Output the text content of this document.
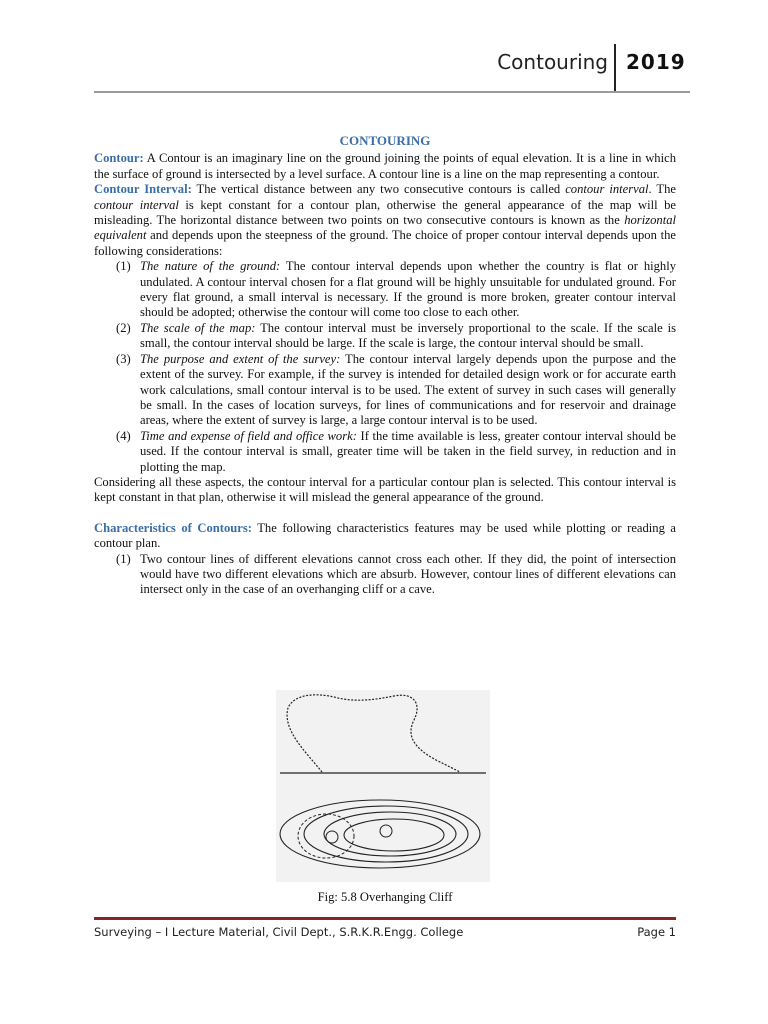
Contouring 2019
CONTOURING

Contour: A Contour is an imaginary line on the ground joining the points of equal elevation. It is a line in which the surface of ground is intersected by a level surface. A contour line is a line on the map representing a contour.

Contour Interval: The vertical distance between any two consecutive contours is called contour interval. The contour interval is kept constant for a contour plan, otherwise the general appearance of the map will be misleading. The horizontal distance between two points on two consecutive contours is known as the horizontal equivalent and depends upon the steepness of the ground. The choice of proper contour interval depends upon the following considerations:

(1) The nature of the ground: The contour interval depends upon whether the country is flat or highly undulated. A contour interval chosen for a flat ground will be highly unsuitable for undulated ground. For every flat ground, a small interval is necessary. If the ground is more broken, greater contour interval should be adopted; otherwise the contour will come too close to each other.
(2) The scale of the map: The contour interval must be inversely proportional to the scale. If the scale is small, the contour interval should be large. If the scale is large, the contour interval should be small.
(3) The purpose and extent of the survey: The contour interval largely depends upon the purpose and the extent of the survey. For example, if the survey is intended for detailed design work or for accurate earth work calculations, small contour interval is to be used. The extent of survey in such cases will generally be small. In the cases of location surveys, for lines of communications and for reservoir and drainage areas, where the extent of survey is large, a large contour interval is to be used.
(4) Time and expense of field and office work: If the time available is less, greater contour interval should be used. If the contour interval is small, greater time will be taken in the field survey, in reduction and in plotting the map.

Considering all these aspects, the contour interval for a particular contour plan is selected. This contour interval is kept constant in that plan, otherwise it will mislead the general appearance of the ground.

Characteristics of Contours: The following characteristics features may be used while plotting or reading a contour plan.

(1) Two contour lines of different elevations cannot cross each other. If they did, the point of intersection would have two different elevations which are absurb. However, contour lines of different elevations can intersect only in the case of an overhanging cliff or a cave.
Fig: 5.8 Overhanging Cliff
Surveying – I Lecture Material, Civil Dept., S.R.K.R.Engg. College	Page 1
